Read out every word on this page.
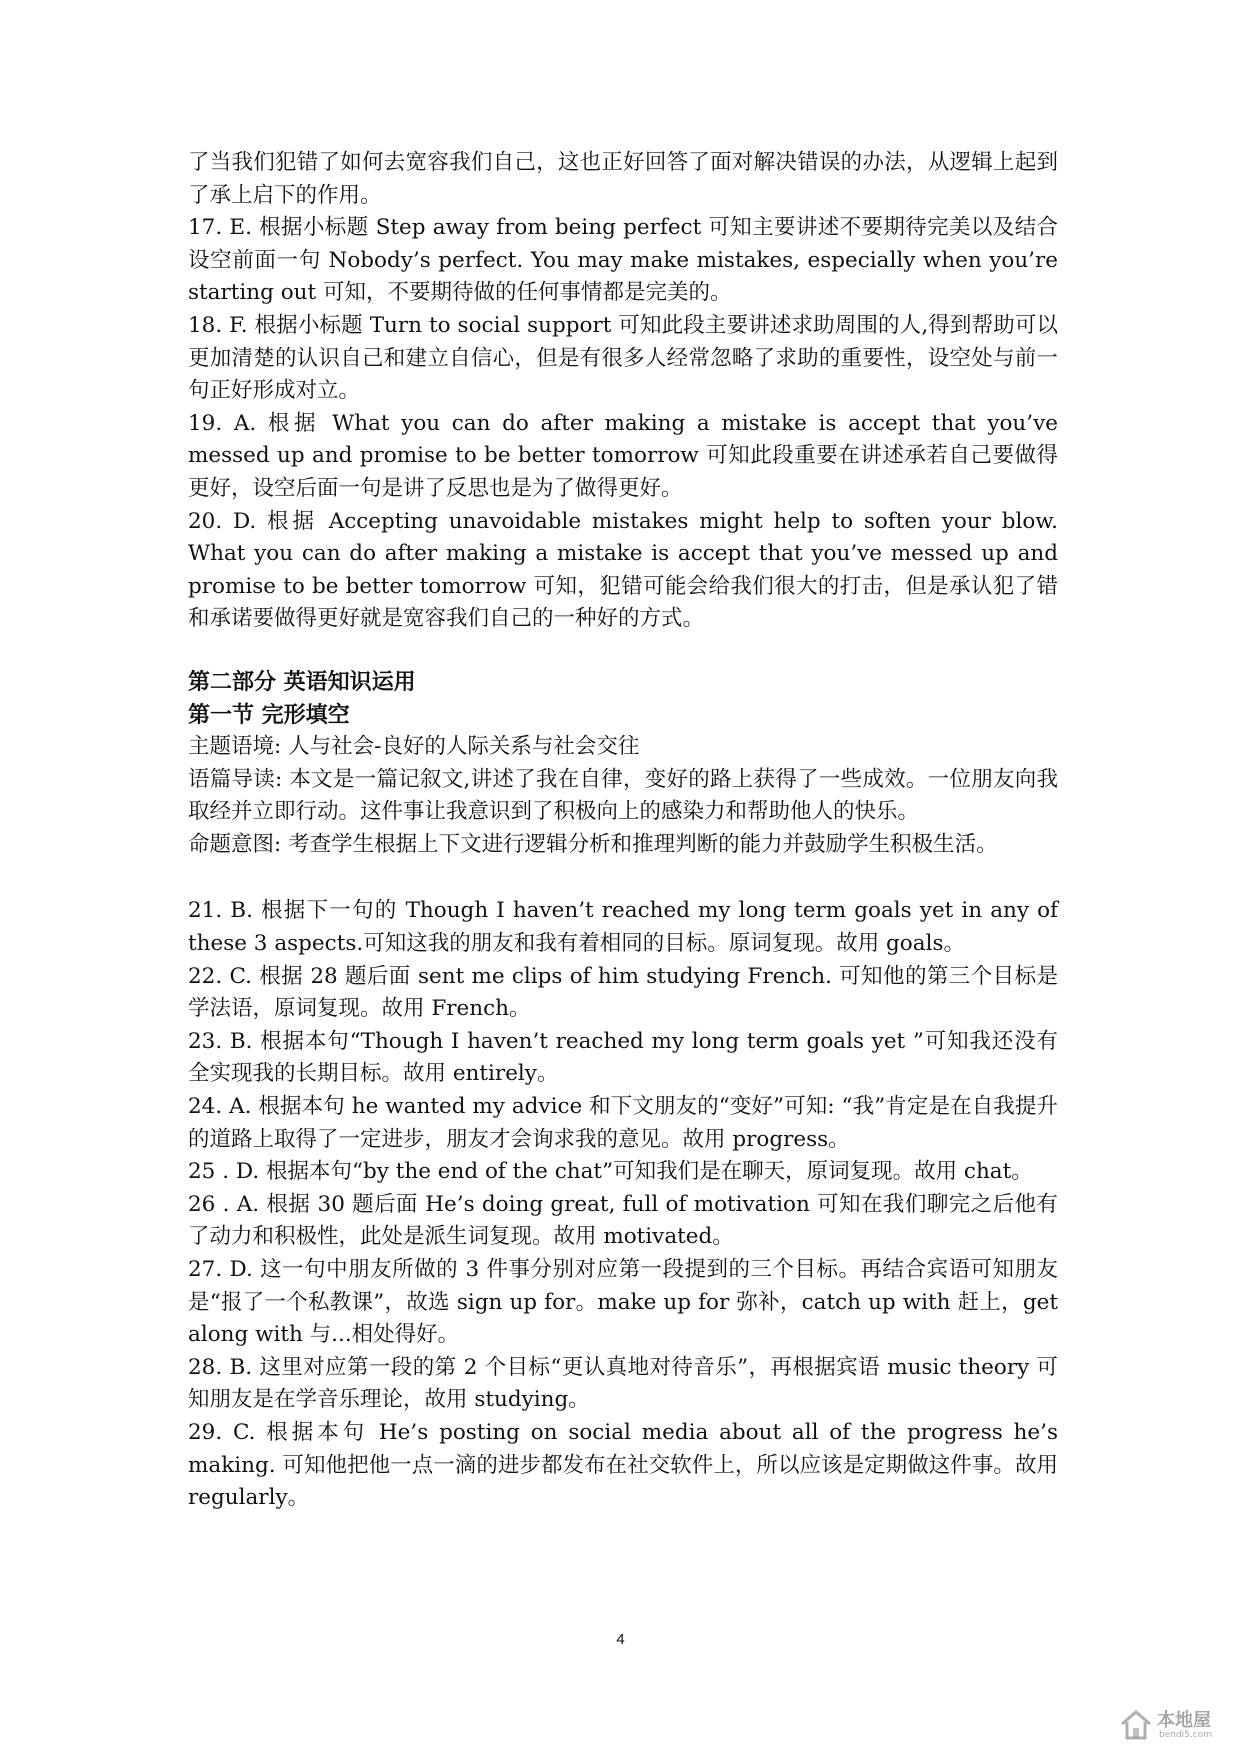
了当我们犯错了如何去宽容我们自己，这也正好回答了面对解决错误的办法，从逻辑上起到了承上启下的作用。

17. E. 根据小标题 Step away from being perfect 可知主要讲述不要期待完美以及结合设空前面一句 Nobody’s perfect. You may make mistakes, especially when you’re starting out 可知，不要期待做的任何事情都是完美的。

18. F. 根据小标题 Turn to social support 可知此段主要讲述求助周围的人,得到帮助可以更加清楚的认识自己和建立自信心，但是有很多人经常忽略了求助的重要性，设空处与前一句正好形成对立。

19. A. 根据 What you can do after making a mistake is accept that you’ve messed up and promise to be better tomorrow 可知此段重要在讲述承若自己要做得更好，设空后面一句是讲了反思也是为了做得更好。

20. D. 根据 Accepting unavoidable mistakes might help to soften your blow. What you can do after making a mistake is accept that you’ve messed up and promise to be better tomorrow 可知，犯错可能会给我们很大的打击，但是承认犯了错和承诺要做得更好就是宽容我们自己的一种好的方式。

第二部分 英语知识运用

第一节 完形填空

主题语境: 人与社会-良好的人际关系与社会交往

语篇导读: 本文是一篇记叙文,讲述了我在自律，变好的路上获得了一些成效。一位朋友向我取经并立即行动。这件事让我意识到了积极向上的感染力和帮助他人的快乐。

命题意图: 考查学生根据上下文进行逻辑分析和推理判断的能力并鼓励学生积极生活。

21. B. 根据下一句的 Though I haven’t reached my long term goals yet in any of these 3 aspects.可知这我的朋友和我有着相同的目标。原词复现。故用 goals。

22. C. 根据 28 题后面 sent me clips of him studying French. 可知他的第三个目标是学法语，原词复现。故用 French。

23. B. 根据本句“Though I haven’t reached my long term goals yet ”可知我还没有全实现我的长期目标。故用 entirely。

24. A. 根据本句 he wanted my advice 和下文朋友的“变好”可知: “我”肯定是在自我提升的道路上取得了一定进步，朋友才会询求我的意见。故用 progress。

25 . D. 根据本句“by the end of the chat”可知我们是在聊天，原词复现。故用 chat。

26 . A. 根据 30 题后面 He’s doing great, full of motivation 可知在我们聊完之后他有了动力和积极性，此处是派生词复现。故用 motivated。

27. D. 这一句中朋友所做的 3 件事分别对应第一段提到的三个目标。再结合宾语可知朋友是“报了一个私教课”，故选 sign up for。make up for 弥补，catch up with 赶上，get along with 与...相处得好。

28. B. 这里对应第一段的第 2 个目标“更认真地对待音乐”，再根据宾语 music theory 可知朋友是在学音乐理论，故用 studying。

29. C. 根据本句 He’s posting on social media about all of the progress he’s making. 可知他把他一点一滴的进步都发布在社交软件上，所以应该是定期做这件事。故用 regularly。

4
本地屋
bendi5.com
